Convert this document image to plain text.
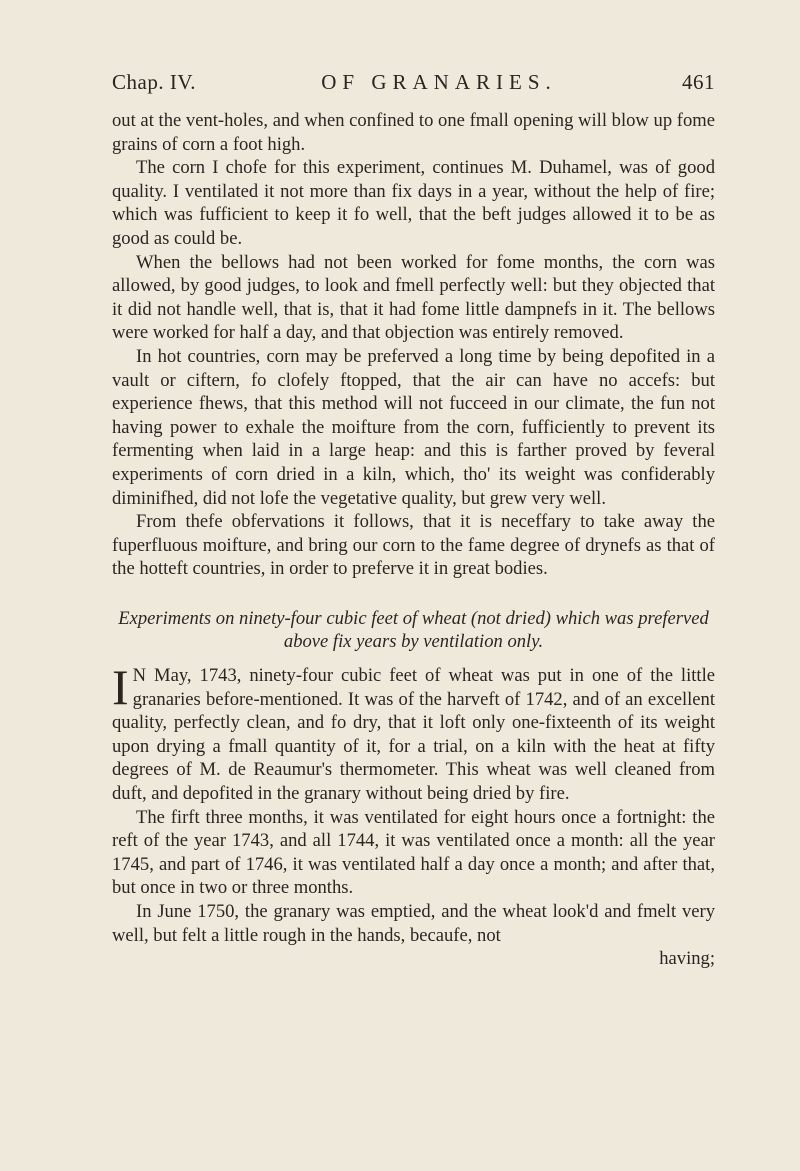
Chap. IV.	OF GRANARIES.	461

out at the vent-holes, and when confined to one fmall opening will blow up fome grains of corn a foot high.

The corn I chofe for this experiment, continues M. Duhamel, was of good quality. I ventilated it not more than fix days in a year, without the help of fire; which was fufficient to keep it fo well, that the beft judges allowed it to be as good as could be.

When the bellows had not been worked for fome months, the corn was allowed, by good judges, to look and fmell perfectly well: but they objected that it did not handle well, that is, that it had fome little dampnefs in it. The bellows were worked for half a day, and that objection was entirely removed.

In hot countries, corn may be preferved a long time by being depofited in a vault or ciftern, fo clofely ftopped, that the air can have no accefs: but experience fhews, that this method will not fucceed in our climate, the fun not having power to exhale the moifture from the corn, fufficiently to prevent its fermenting when laid in a large heap: and this is farther proved by feveral experiments of corn dried in a kiln, which, tho' its weight was confiderably diminifhed, did not lofe the vegetative quality, but grew very well.

From thefe obfervations it follows, that it is neceffary to take away the fuperfluous moifture, and bring our corn to the fame degree of drynefs as that of the hotteft countries, in order to preferve it in great bodies.

Experiments on ninety-four cubic feet of wheat (not dried) which was preferved above fix years by ventilation only.

I N May, 1743, ninety-four cubic feet of wheat was put in one of the little granaries before-mentioned. It was of the harveft of 1742, and of an excellent quality, perfectly clean, and fo dry, that it loft only one-fixteenth of its weight upon drying a fmall quantity of it, for a trial, on a kiln with the heat at fifty degrees of M. de Reaumur's thermometer. This wheat was well cleaned from duft, and depofited in the granary without being dried by fire.

The firft three months, it was ventilated for eight hours once a fortnight: the reft of the year 1743, and all 1744, it was ventilated once a month: all the year 1745, and part of 1746, it was ventilated half a day once a month; and after that, but once in two or three months.

In June 1750, the granary was emptied, and the wheat look'd and fmelt very well, but felt a little rough in the hands, becaufe, not

having;
